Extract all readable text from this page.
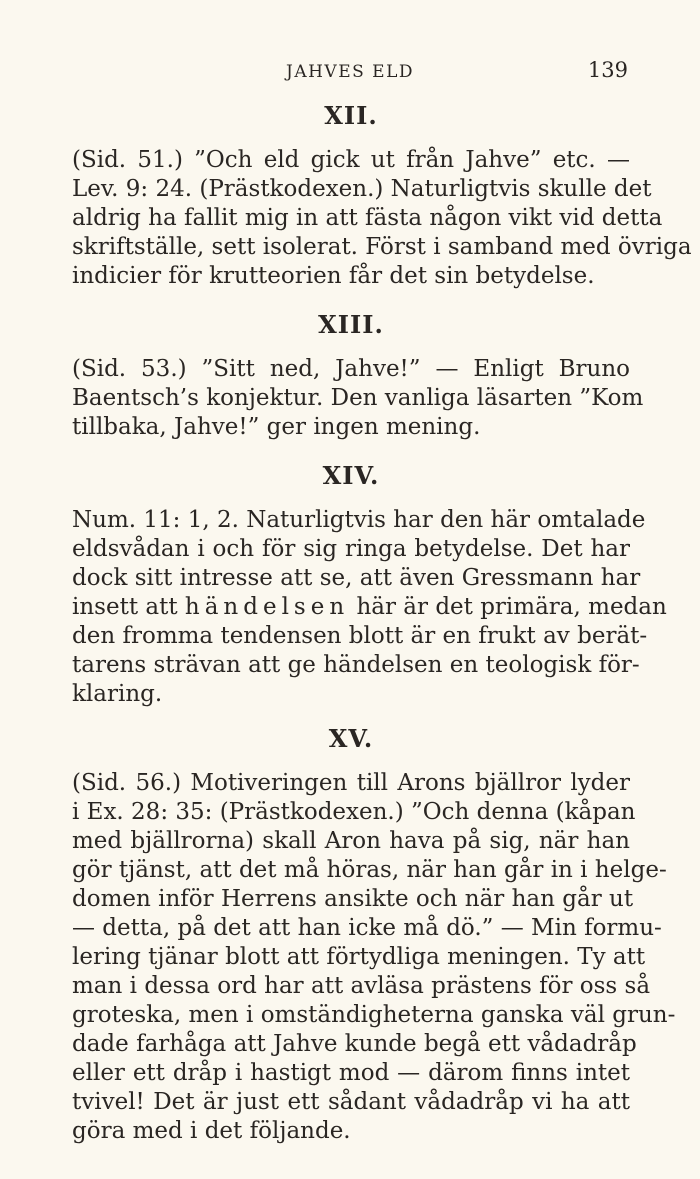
JAHVES ELD	139
XII.

(Sid. 51.) ”Och eld gick ut från Jahve” etc. —
Lev. 9: 24. (Prästkodexen.) Naturligtvis skulle det
aldrig ha fallit mig in att fästa någon vikt vid detta
skriftställe, sett isolerat. Först i samband med övriga
indicier för krutteorien får det sin betydelse.

XIII.

(Sid. 53.) ”Sitt ned, Jahve!” — Enligt Bruno
Baentsch’s konjektur. Den vanliga läsarten ”Kom
tillbaka, Jahve!” ger ingen mening.

XIV.

Num. 11: 1, 2. Naturligtvis har den här omtalade
eldsvådan i och för sig ringa betydelse. Det har
dock sitt intresse att se, att även Gressmann har
insett att händelsen här är det primära, medan
den fromma tendensen blott är en frukt av berät-
tarens strävan att ge händelsen en teologisk för-
klaring.

XV.

(Sid. 56.) Motiveringen till Arons bjällror lyder
i Ex. 28: 35: (Prästkodexen.) ”Och denna (kåpan
med bjällrorna) skall Aron hava på sig, när han
gör tjänst, att det må höras, när han går in i helge-
domen inför Herrens ansikte och när han går ut
— detta, på det att han icke må dö.” — Min formu-
lering tjänar blott att förtydliga meningen. Ty att
man i dessa ord har att avläsa prästens för oss så
groteska, men i omständigheterna ganska väl grun-
dade farhåga att Jahve kunde begå ett vådadråp
eller ett dråp i hastigt mod — därom finns intet
tvivel! Det är just ett sådant vådadråp vi ha att
göra med i det följande.
